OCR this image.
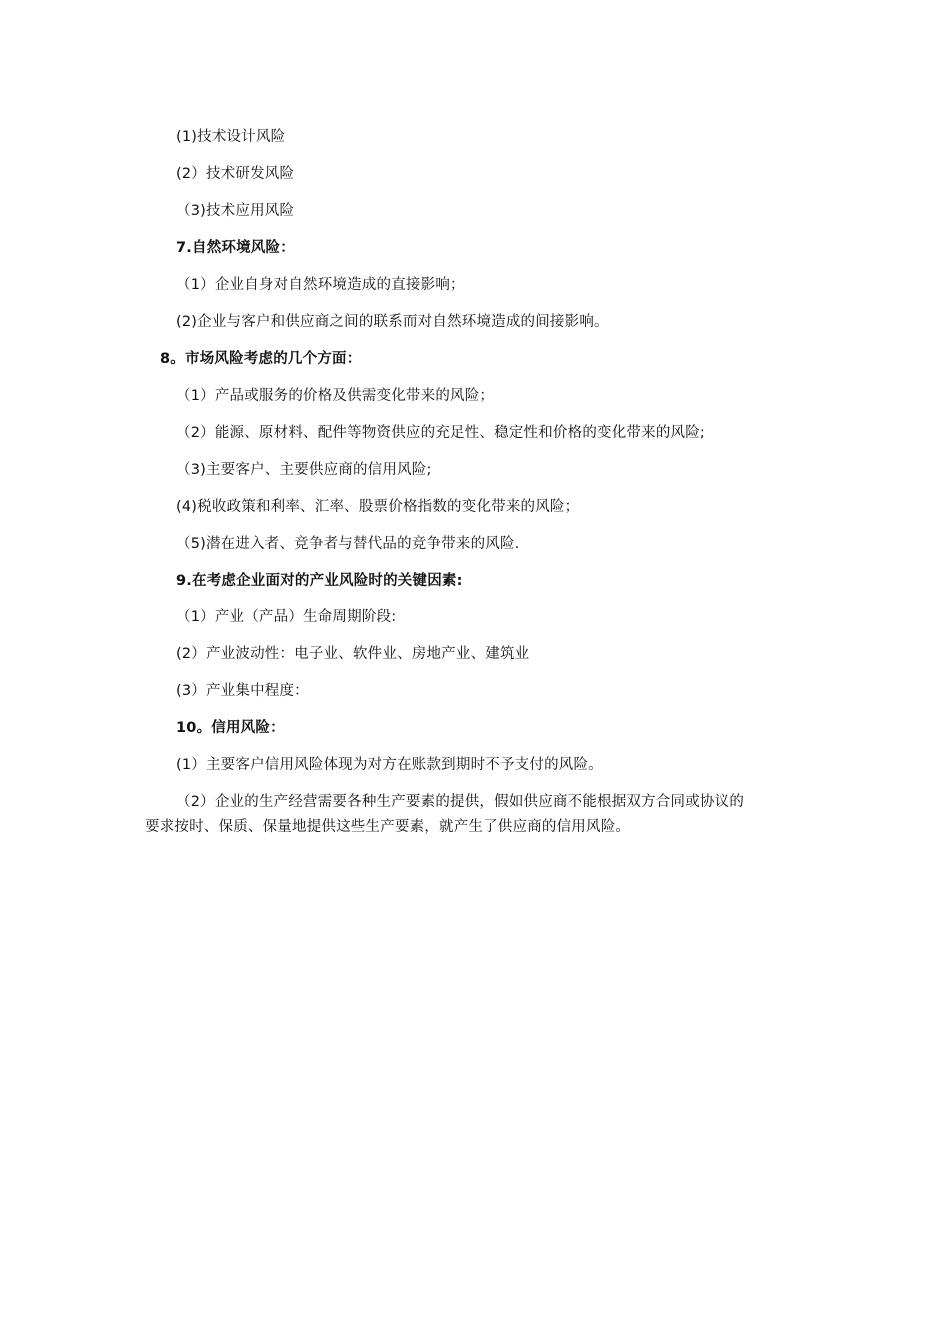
(1)技术设计风险
(2）技术研发风险
（3)技术应用风险
7.自然环境风险：
（1）企业自身对自然环境造成的直接影响；
(2)企业与客户和供应商之间的联系而对自然环境造成的间接影响。
8。市场风险考虑的几个方面：
（1）产品或服务的价格及供需变化带来的风险；
（2）能源、原材料、配件等物资供应的充足性、稳定性和价格的变化带来的风险;
（3)主要客户、主要供应商的信用风险;
(4)税收政策和利率、汇率、股票价格指数的变化带来的风险；
（5)潜在进入者、竞争者与替代品的竞争带来的风险.
9.在考虑企业面对的产业风险时的关键因素:
（1）产业（产品）生命周期阶段:
(2）产业波动性：电子业、软件业、房地产业、建筑业
(3）产业集中程度：
10。信用风险：
(1）主要客户信用风险体现为对方在账款到期时不予支付的风险。
（2）企业的生产经营需要各种生产要素的提供，假如供应商不能根据双方合同或协议的
要求按时、保质、保量地提供这些生产要素，就产生了供应商的信用风险。
